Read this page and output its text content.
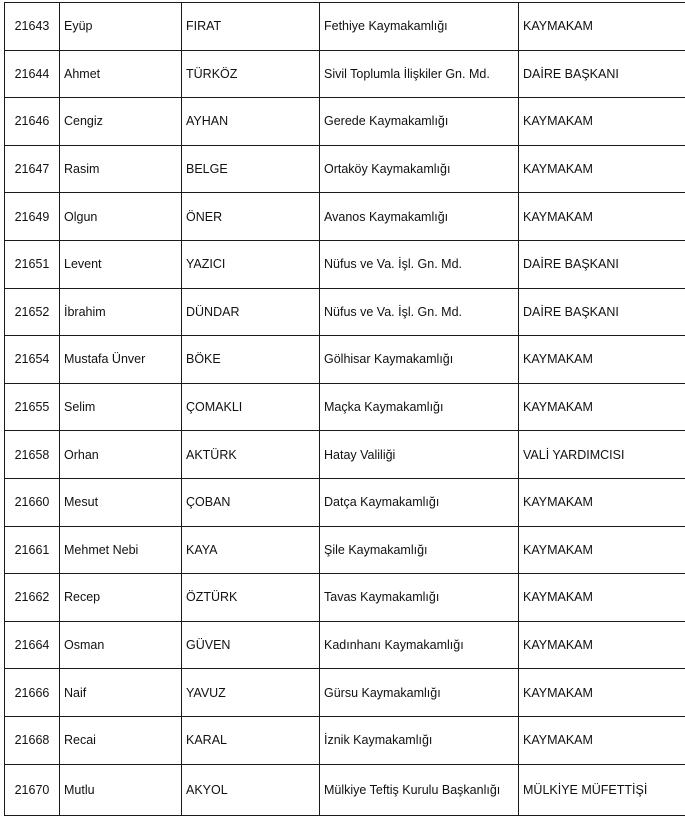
21643	Eyüp	FIRAT	Fethiye Kaymakamlığı	KAYMAKAM
21644	Ahmet	TÜRKÖZ	Sivil Toplumla İlişkiler Gn. Md.	DAİRE BAŞKANI
21646	Cengiz	AYHAN	Gerede Kaymakamlığı	KAYMAKAM
21647	Rasim	BELGE	Ortaköy Kaymakamlığı	KAYMAKAM
21649	Olgun	ÖNER	Avanos Kaymakamlığı	KAYMAKAM
21651	Levent	YAZICI	Nüfus ve Va. İşl. Gn. Md.	DAİRE BAŞKANI
21652	İbrahim	DÜNDAR	Nüfus ve Va. İşl. Gn. Md.	DAİRE BAŞKANI
21654	Mustafa Ünver	BÖKE	Gölhisar Kaymakamlığı	KAYMAKAM
21655	Selim	ÇOMAKLI	Maçka Kaymakamlığı	KAYMAKAM
21658	Orhan	AKTÜRK	Hatay Valiliği	VALİ YARDIMCISI
21660	Mesut	ÇOBAN	Datça Kaymakamlığı	KAYMAKAM
21661	Mehmet Nebi	KAYA	Şile Kaymakamlığı	KAYMAKAM
21662	Recep	ÖZTÜRK	Tavas Kaymakamlığı	KAYMAKAM
21664	Osman	GÜVEN	Kadınhanı Kaymakamlığı	KAYMAKAM
21666	Naif	YAVUZ	Gürsu Kaymakamlığı	KAYMAKAM
21668	Recai	KARAL	İznik Kaymakamlığı	KAYMAKAM
21670	Mutlu	AKYOL	Mülkiye Teftiş Kurulu Başkanlığı	MÜLKİYE MÜFETTİŞİ
